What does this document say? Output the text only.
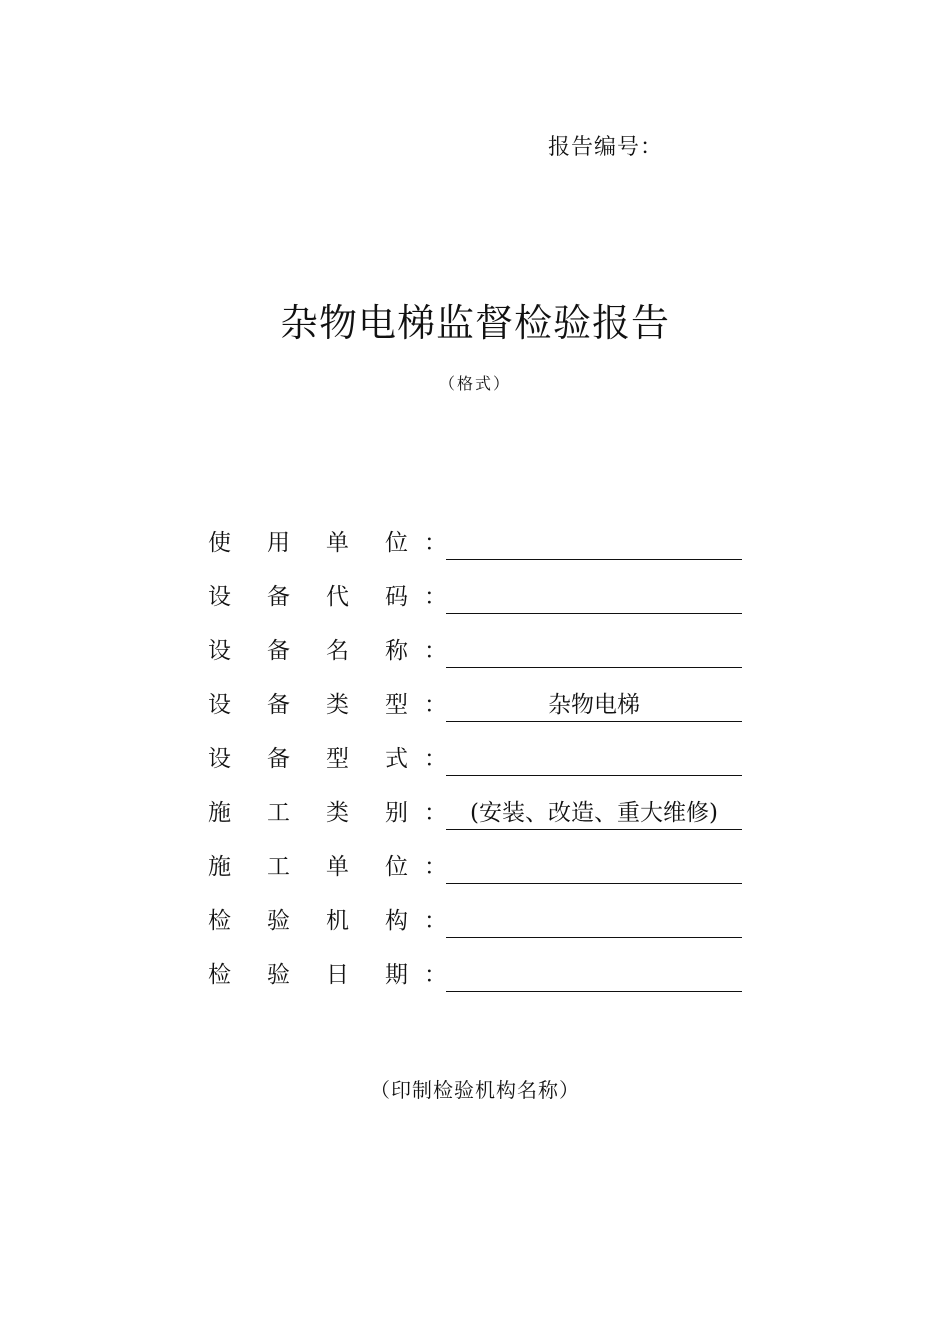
报告编号：
杂物电梯监督检验报告
（格式）
使 用 单 位 ：
设 备 代 码 ：
设 备 名 称 ：
设 备 类 型 ：	杂物电梯
设 备 型 式 ：
施 工 类 别 ：	(安装、改造、重大维修)
施 工 单 位 ：
检 验 机 构 ：
检 验 日 期 ：
（印制检验机构名称）
